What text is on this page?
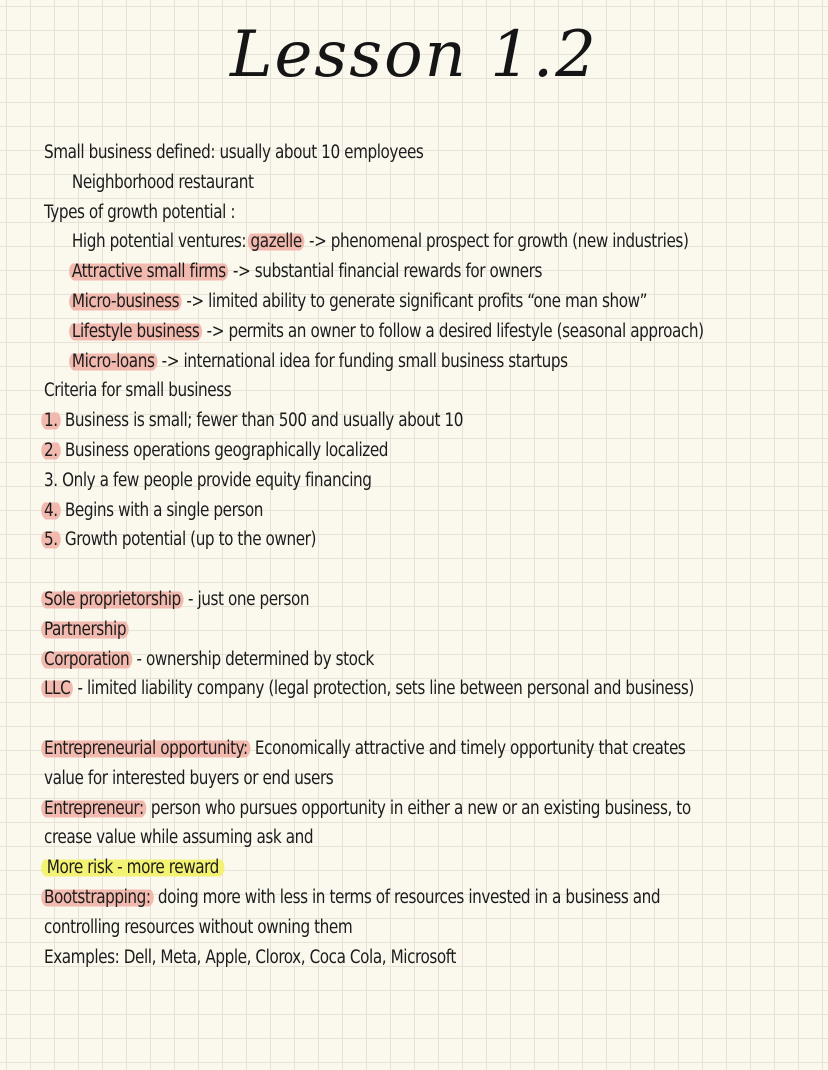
Lesson 1.2
Small business defined: usually about 10 employees
Neighborhood restaurant
Types of growth potential :
High potential ventures: gazelle -> phenomenal prospect for growth (new industries)
Attractive small firms -> substantial financial rewards for owners
Micro-business -> limited ability to generate significant profits “one man show”
Lifestyle business -> permits an owner to follow a desired lifestyle (seasonal approach)
Micro-loans -> international idea for funding small business startups
Criteria for small business
1. Business is small; fewer than 500 and usually about 10
2. Business operations geographically localized
3. Only a few people provide equity financing
4. Begins with a single person
5. Growth potential (up to the owner)
Sole proprietorship - just one person
Partnership
Corporation - ownership determined by stock
LLC - limited liability company (legal protection, sets line between personal and business)
Entrepreneurial opportunity: Economically attractive and timely opportunity that creates
value for interested buyers or end users
Entrepreneur: person who pursues opportunity in either a new or an existing business, to
crease value while assuming ask and
More risk - more reward
Bootstrapping: doing more with less in terms of resources invested in a business and
controlling resources without owning them
Examples: Dell, Meta, Apple, Clorox, Coca Cola, Microsoft
